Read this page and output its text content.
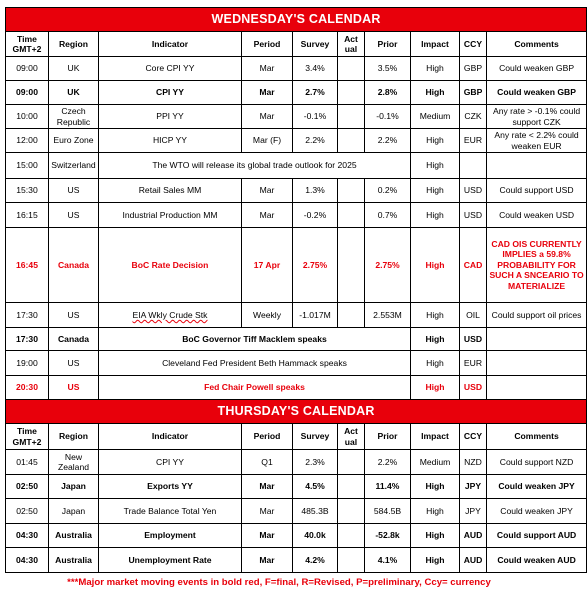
WEDNESDAY'S CALENDAR									
Time GMT+2	Region	Indicator	Period	Survey	Act ual	Prior	Impact	CCY	Comments
09:00	UK	Core CPI YY	Mar	3.4%		3.5%	High	GBP	Could weaken GBP
09:00	UK	CPI YY	Mar	2.7%		2.8%	High	GBP	Could weaken GBP
10:00	Czech Republic	PPI YY	Mar	-0.1%		-0.1%	Medium	CZK	Any rate > -0.1% could support CZK
12:00	Euro Zone	HICP YY	Mar (F)	2.2%		2.2%	High	EUR	Any rate < 2.2% could weaken EUR
15:00	Switzerland	The WTO will release its global trade outlook for 2025					High		
15:30	US	Retail Sales MM	Mar	1.3%		0.2%	High	USD	Could support USD
16:15	US	Industrial Production MM	Mar	-0.2%		0.7%	High	USD	Could weaken USD
16:45	Canada	BoC Rate Decision	17 Apr	2.75%		2.75%	High	CAD	CAD OIS CURRENTLY IMPLIES a 59.8% PROBABILITY FOR SUCH A SNCEARIO TO MATERIALIZE
17:30	US	EIA Wkly Crude Stk	Weekly	-1.017M		2.553M	High	OIL	Could support oil prices
17:30	Canada	BoC Governor Tiff Macklem speaks					High	USD	
19:00	US	Cleveland Fed President Beth Hammack speaks					High	EUR	
20:30	US	Fed Chair Powell speaks					High	USD	
THURSDAY'S CALENDAR									
Time GMT+2	Region	Indicator	Period	Survey	Act ual	Prior	Impact	CCY	Comments
01:45	New Zealand	CPI YY	Q1	2.3%		2.2%	Medium	NZD	Could support NZD
02:50	Japan	Exports YY	Mar	4.5%		11.4%	High	JPY	Could weaken JPY
02:50	Japan	Trade Balance Total Yen	Mar	485.3B		584.5B	High	JPY	Could weaken JPY
04:30	Australia	Employment	Mar	40.0k		-52.8k	High	AUD	Could support AUD
04:30	Australia	Unemployment Rate	Mar	4.2%		4.1%	High	AUD	Could weaken AUD
***Major market moving events in bold red, F=final, R=Revised, P=preliminary, Ccy= currency
